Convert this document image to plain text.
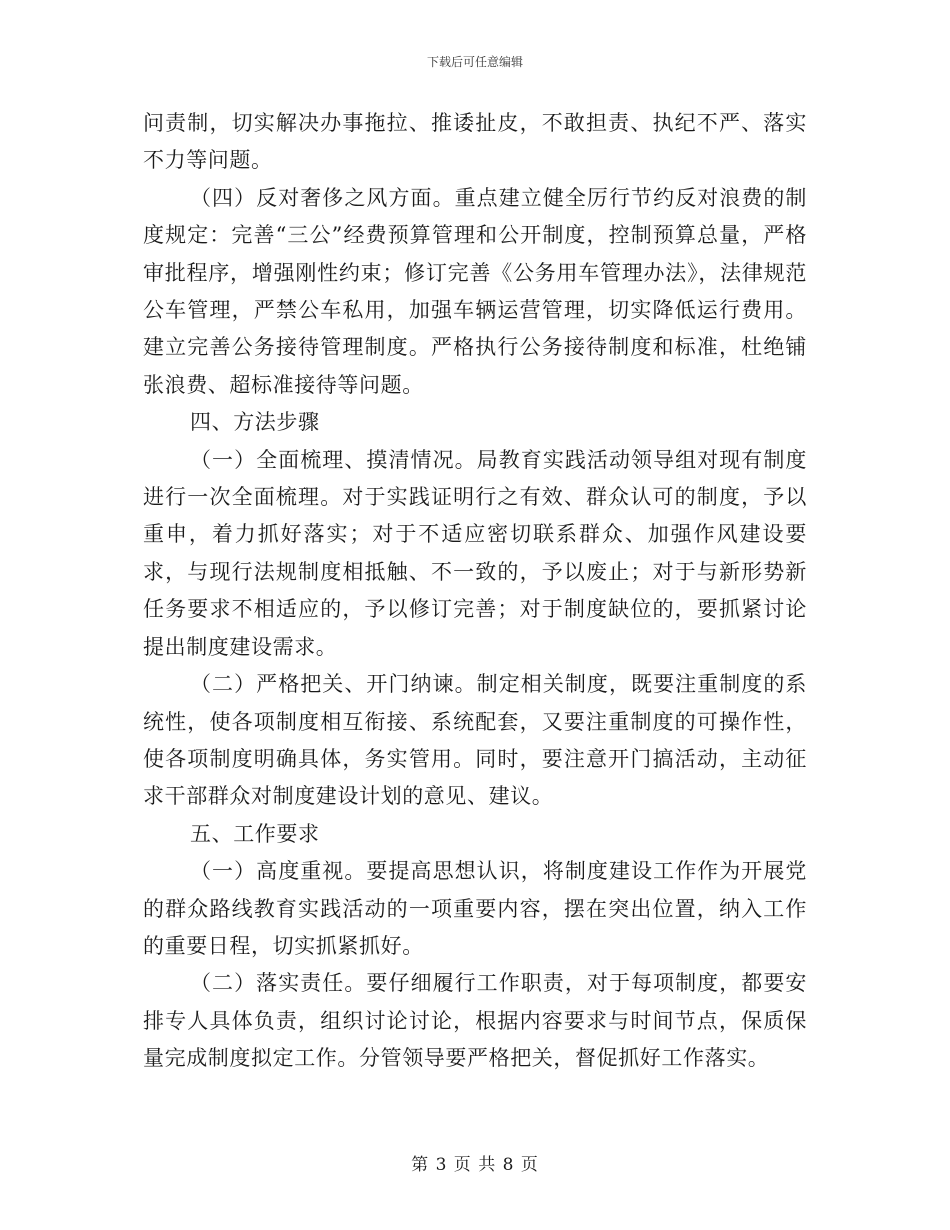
下载后可任意编辑

问责制，切实解决办事拖拉、推诿扯皮，不敢担责、执纪不严、落实不力等问题。

（四）反对奢侈之风方面。重点建立健全厉行节约反对浪费的制度规定：完善“三公”经费预算管理和公开制度，控制预算总量，严格审批程序，增强刚性约束；修订完善《公务用车管理办法》，法律规范公车管理，严禁公车私用，加强车辆运营管理，切实降低运行费用。建立完善公务接待管理制度。严格执行公务接待制度和标准，杜绝铺张浪费、超标准接待等问题。

四、方法步骤

（一）全面梳理、摸清情况。局教育实践活动领导组对现有制度进行一次全面梳理。对于实践证明行之有效、群众认可的制度，予以重申，着力抓好落实；对于不适应密切联系群众、加强作风建设要求，与现行法规制度相抵触、不一致的，予以废止；对于与新形势新任务要求不相适应的，予以修订完善；对于制度缺位的，要抓紧讨论提出制度建设需求。

（二）严格把关、开门纳谏。制定相关制度，既要注重制度的系统性，使各项制度相互衔接、系统配套，又要注重制度的可操作性，使各项制度明确具体，务实管用。同时，要注意开门搞活动，主动征求干部群众对制度建设计划的意见、建议。

五、工作要求

（一）高度重视。要提高思想认识，将制度建设工作作为开展党的群众路线教育实践活动的一项重要内容，摆在突出位置，纳入工作的重要日程，切实抓紧抓好。

（二）落实责任。要仔细履行工作职责，对于每项制度，都要安排专人具体负责，组织讨论讨论，根据内容要求与时间节点，保质保量完成制度拟定工作。分管领导要严格把关，督促抓好工作落实。

第 3 页 共 8 页
